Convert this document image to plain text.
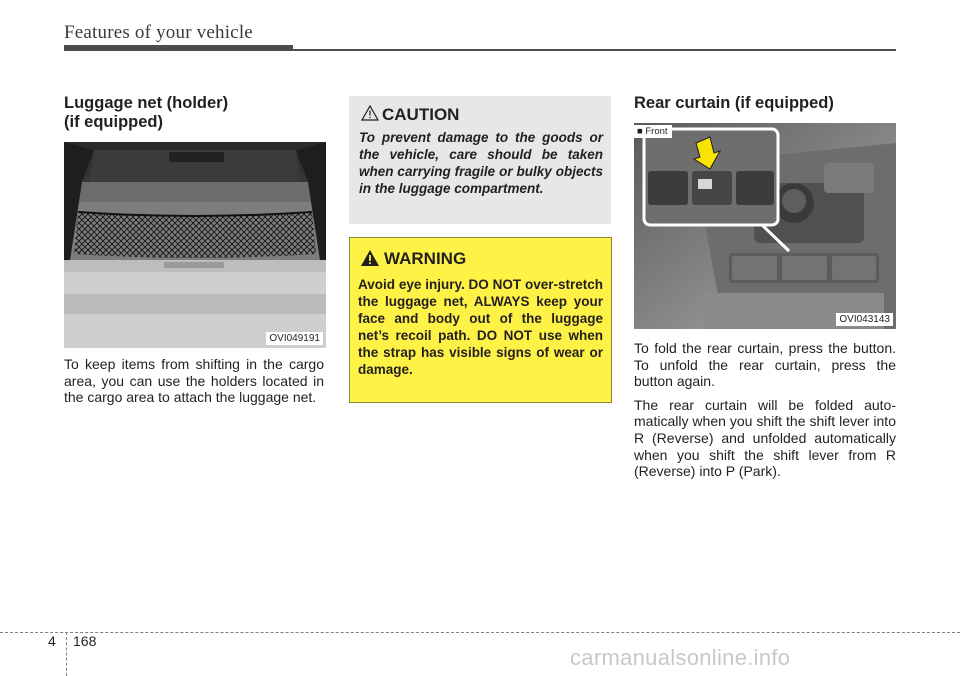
Features of your vehicle
Luggage net (holder)
(if equipped)
OVI049191
To keep items from shifting in the cargo area, you can use the holders located in the cargo area to attach the luggage net.
CAUTION
To prevent damage to the goods or the vehicle, care should be taken when carrying fragile or bulky objects in the luggage compartment.
WARNING
Avoid eye injury. DO NOT over-stretch the luggage net, ALWAYS keep your face and body out of the luggage net’s recoil path. DO NOT use when the strap has visible signs of wear or damage.
Rear curtain (if equipped)
■ Front
OVI043143

To fold the rear curtain, press the button. To unfold the rear curtain, press the button again.

The rear curtain will be folded auto-matically when you shift the shift lever into R (Reverse) and unfolded automatically when you shift the shift lever from R (Reverse) into P (Park).

4 168
carmanualsonline.info
